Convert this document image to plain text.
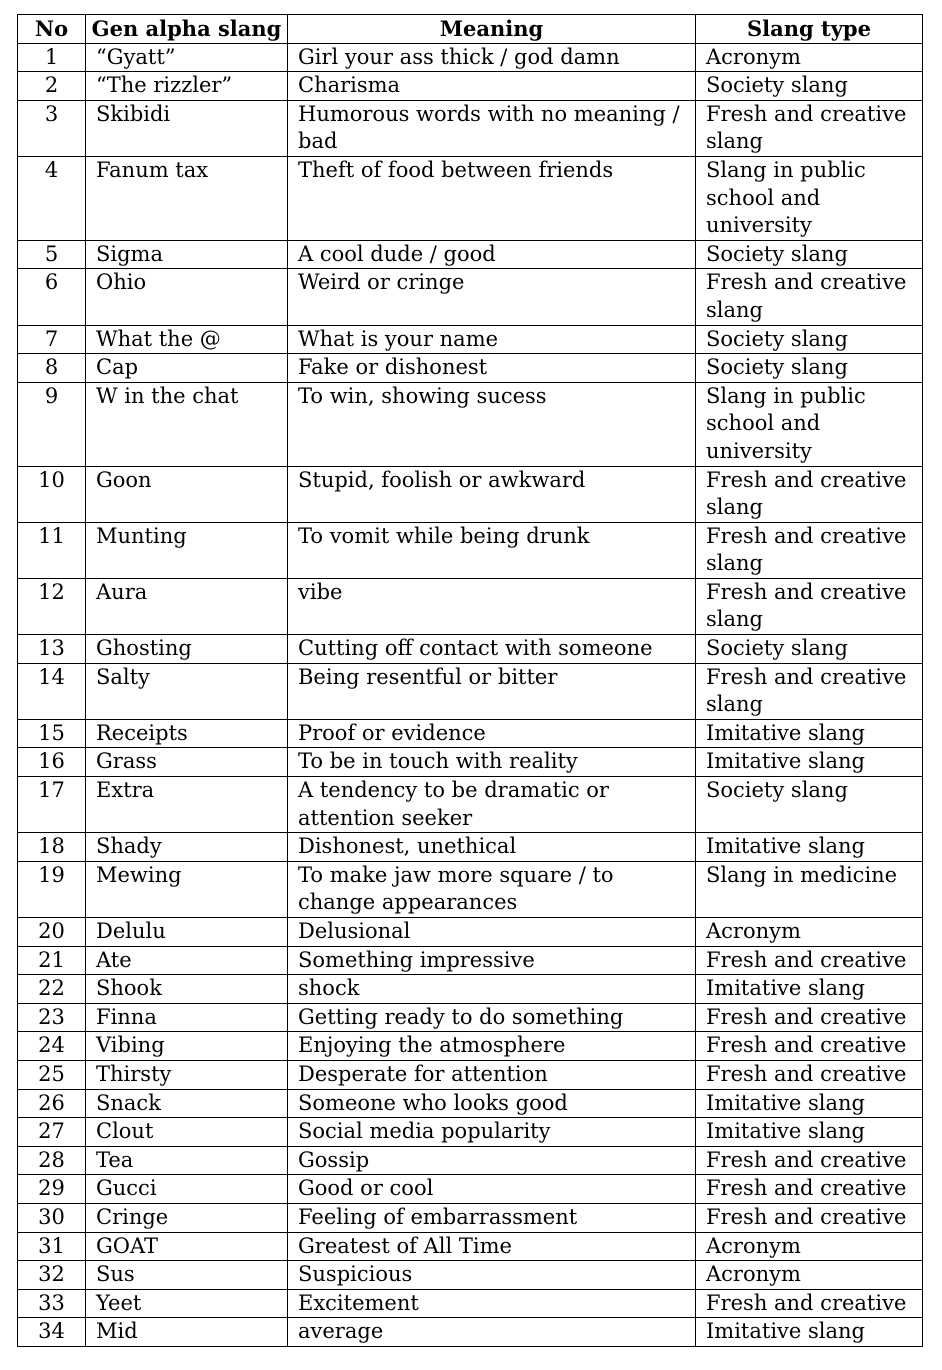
No	Gen alpha slang	Meaning	Slang type
1	“Gyatt”	Girl your ass thick / god damn	Acronym
2	“The rizzler”	Charisma	Society slang
3	Skibidi	Humorous words with no meaning / bad	Fresh and creative slang
4	Fanum tax	Theft of food between friends	Slang in public school and university
5	Sigma	A cool dude / good	Society slang
6	Ohio	Weird or cringe	Fresh and creative slang
7	What the @	What is your name	Society slang
8	Cap	Fake or dishonest	Society slang
9	W in the chat	To win, showing sucess	Slang in public school and university
10	Goon	Stupid, foolish or awkward	Fresh and creative slang
11	Munting	To vomit while being drunk	Fresh and creative slang
12	Aura	vibe	Fresh and creative slang
13	Ghosting	Cutting off contact with someone	Society slang
14	Salty	Being resentful or bitter	Fresh and creative slang
15	Receipts	Proof or evidence	Imitative slang
16	Grass	To be in touch with reality	Imitative slang
17	Extra	A tendency to be dramatic or attention seeker	Society slang
18	Shady	Dishonest, unethical	Imitative slang
19	Mewing	To make jaw more square / to change appearances	Slang in medicine
20	Delulu	Delusional	Acronym
21	Ate	Something impressive	Fresh and creative
22	Shook	shock	Imitative slang
23	Finna	Getting ready to do something	Fresh and creative
24	Vibing	Enjoying the atmosphere	Fresh and creative
25	Thirsty	Desperate for attention	Fresh and creative
26	Snack	Someone who looks good	Imitative slang
27	Clout	Social media popularity	Imitative slang
28	Tea	Gossip	Fresh and creative
29	Gucci	Good or cool	Fresh and creative
30	Cringe	Feeling of embarrassment	Fresh and creative
31	GOAT	Greatest of All Time	Acronym
32	Sus	Suspicious	Acronym
33	Yeet	Excitement	Fresh and creative
34	Mid	average	Imitative slang
